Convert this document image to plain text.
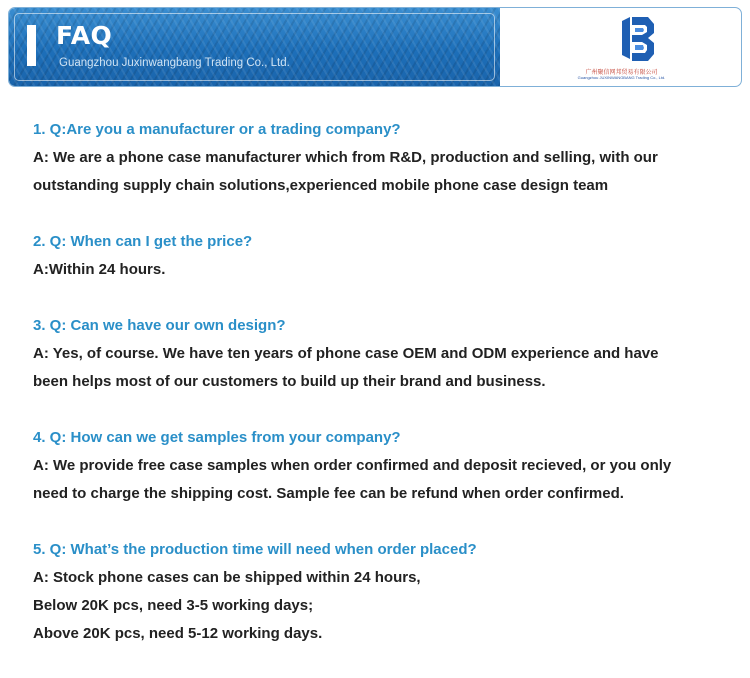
FAQ
Guangzhou Juxinwangbang Trading Co., Ltd.
广州聚信网邦贸易有限公司
Guangzhou JUXINWANGBANG Trading Co., Ltd.
1. Q:Are you a manufacturer or a trading company?
A: We are a phone case manufacturer which from R&D, production and selling, with our
outstanding supply chain solutions,experienced mobile phone case design team
2. Q: When can I get the price?
A:Within 24 hours.
3. Q: Can we have our own design?
A: Yes, of course. We have ten years of phone case OEM and ODM experience and have
been helps most of our customers to build up their brand and business.
4. Q: How can we get samples from your company?
A: We provide free case samples when order confirmed and deposit recieved, or you only
need to charge the shipping cost. Sample fee can be refund when order confirmed.
5. Q: What’s the production time will need when order placed?
A: Stock phone cases can be shipped within 24 hours,
Below 20K pcs, need 3-5 working days;
Above 20K pcs, need 5-12 working days.
